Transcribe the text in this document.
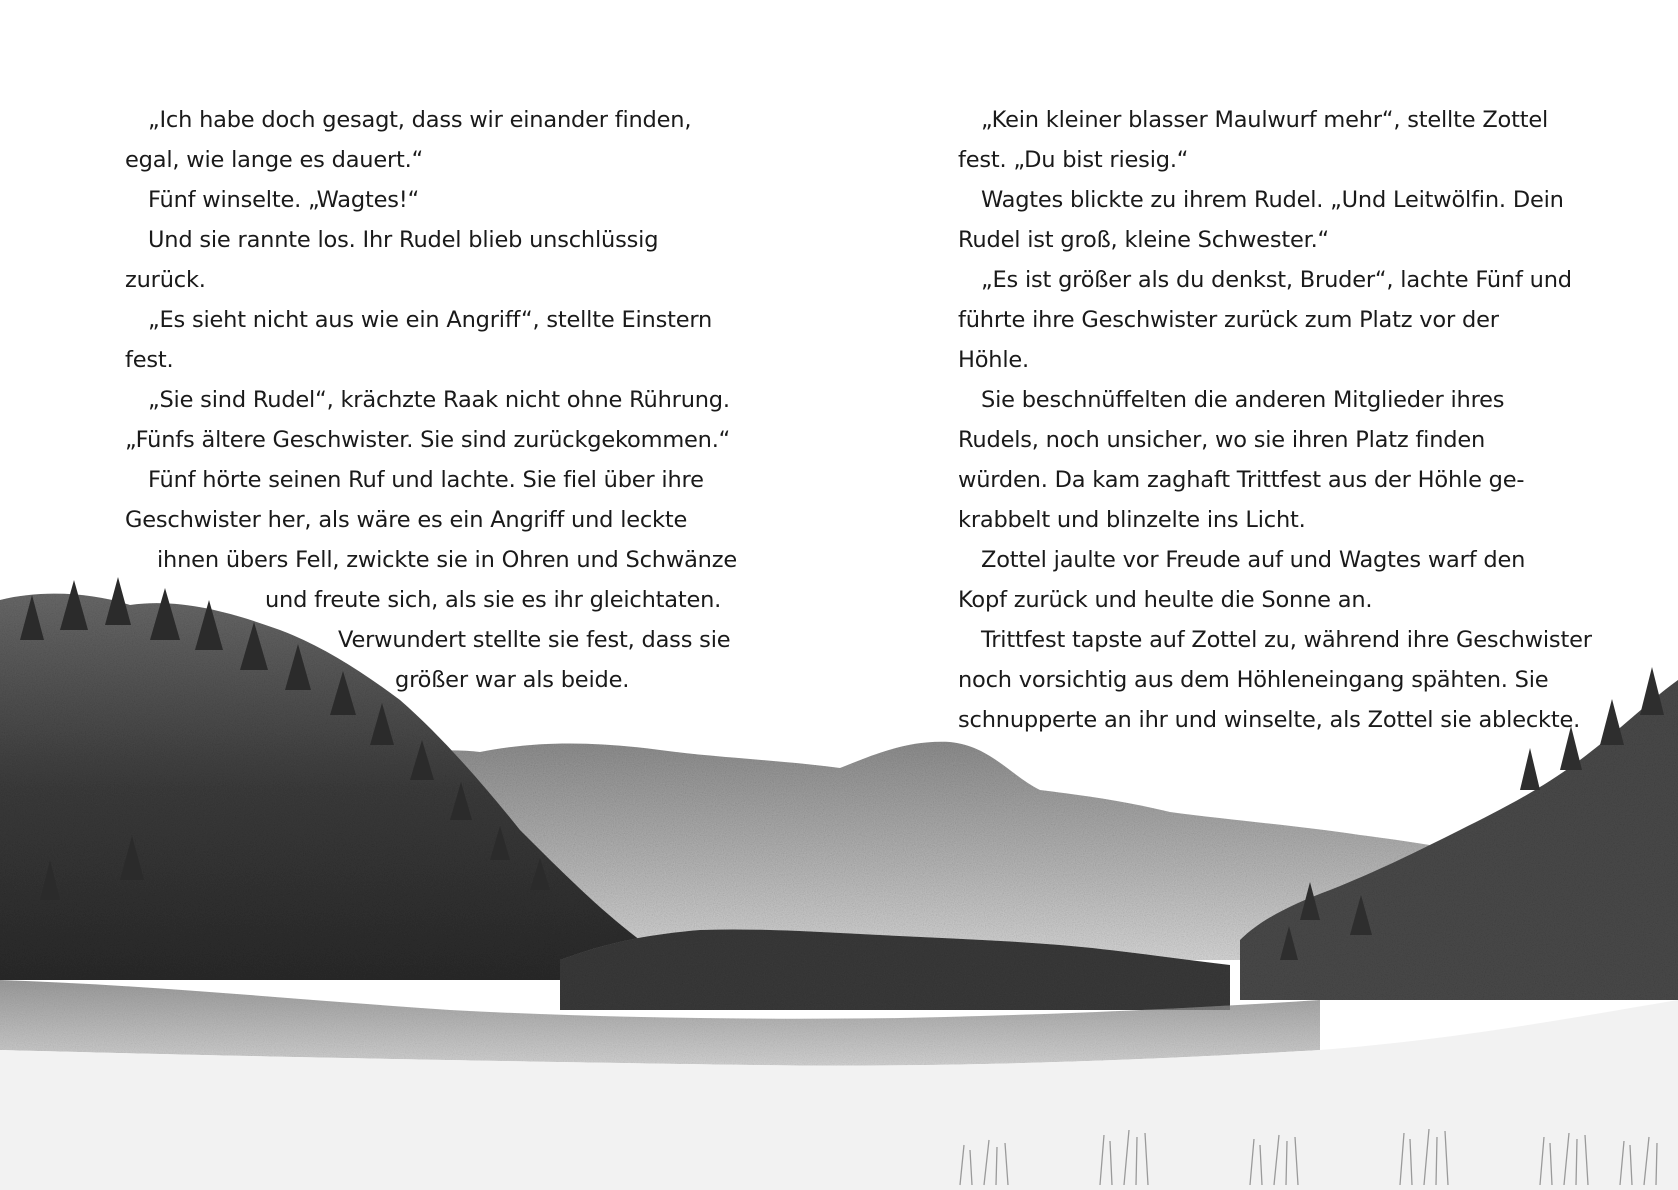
„Ich habe doch gesagt, dass wir einander finden,
egal, wie lange es dauert.“
Fünf winselte. „Wagtes!“
Und sie rannte los. Ihr Rudel blieb unschlüssig
zurück.
„Es sieht nicht aus wie ein Angriff“, stellte Einstern
fest.
„Sie sind Rudel“, krächzte Raak nicht ohne Rührung.
„Fünfs ältere Geschwister. Sie sind zurückgekommen.“
Fünf hörte seinen Ruf und lachte. Sie fiel über ihre
Geschwister her, als wäre es ein Angriff und leckte
ihnen übers Fell, zwickte sie in Ohren und Schwänze
und freute sich, als sie es ihr gleichtaten.
Verwundert stellte sie fest, dass sie
größer war als beide.
„Kein kleiner blasser Maulwurf mehr“, stellte Zottel
fest. „Du bist riesig.“
Wagtes blickte zu ihrem Rudel. „Und Leitwölfin. Dein
Rudel ist groß, kleine Schwester.“
„Es ist größer als du denkst, Bruder“, lachte Fünf und
führte ihre Geschwister zurück zum Platz vor der
Höhle.
Sie beschnüffelten die anderen Mitglieder ihres
Rudels, noch unsicher, wo sie ihren Platz finden
würden. Da kam zaghaft Trittfest aus der Höhle ge-
krabbelt und blinzelte ins Licht.
Zottel jaulte vor Freude auf und Wagtes warf den
Kopf zurück und heulte die Sonne an.
Trittfest tapste auf Zottel zu, während ihre Geschwister
noch vorsichtig aus dem Höhleneingang spähten. Sie
schnupperte an ihr und winselte, als Zottel sie ableckte.
